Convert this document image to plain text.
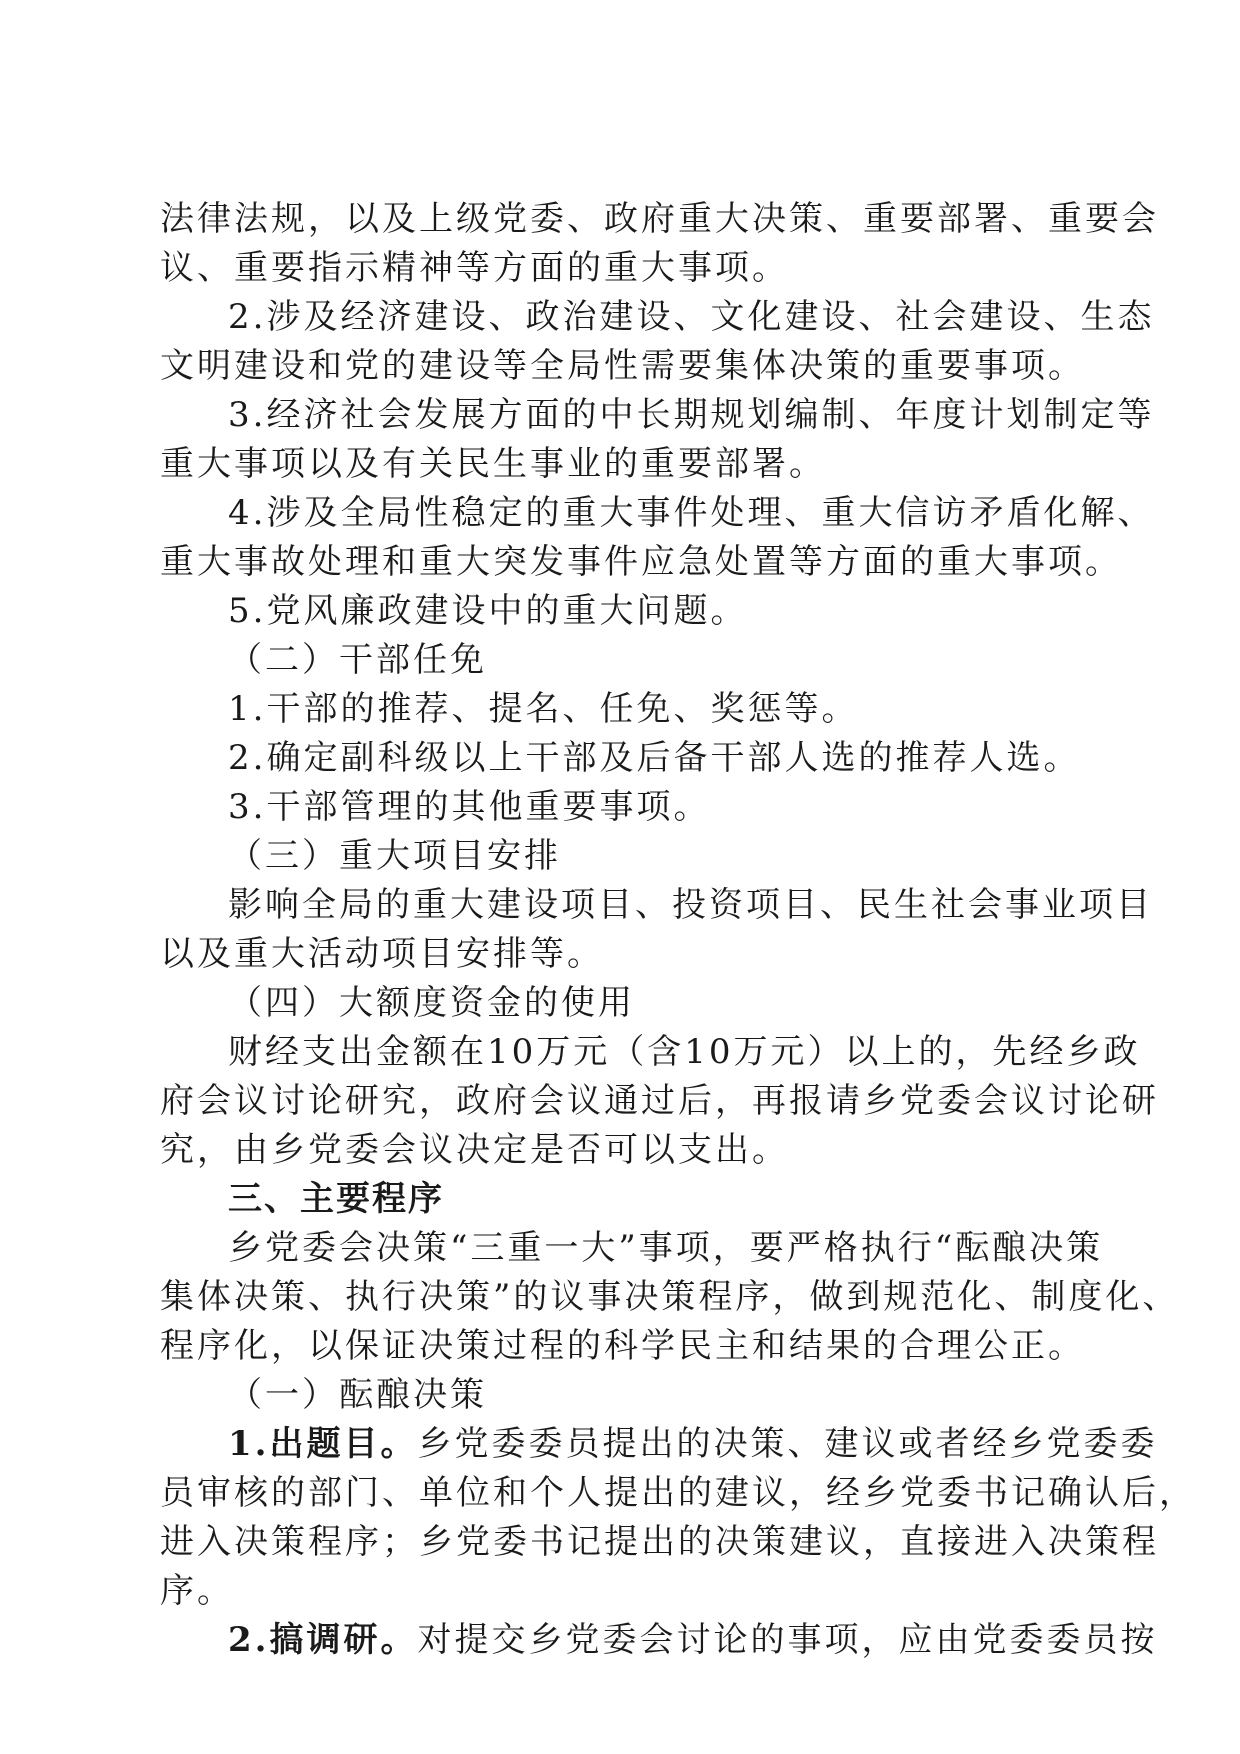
法律法规，以及上级党委、政府重大决策、重要部署、重要会
议、重要指示精神等方面的重大事项。
2.涉及经济建设、政治建设、文化建设、社会建设、生态
文明建设和党的建设等全局性需要集体决策的重要事项。
3.经济社会发展方面的中长期规划编制、年度计划制定等
重大事项以及有关民生事业的重要部署。
4.涉及全局性稳定的重大事件处理、重大信访矛盾化解、
重大事故处理和重大突发事件应急处置等方面的重大事项。
5.党风廉政建设中的重大问题。
（二）干部任免
1.干部的推荐、提名、任免、奖惩等。
2.确定副科级以上干部及后备干部人选的推荐人选。
3.干部管理的其他重要事项。
（三）重大项目安排
影响全局的重大建设项目、投资项目、民生社会事业项目
以及重大活动项目安排等。
（四）大额度资金的使用
财经支出金额在10万元（含10万元）以上的，先经乡政
府会议讨论研究，政府会议通过后，再报请乡党委会议讨论研
究，由乡党委会议决定是否可以支出。
三、主要程序
乡党委会决策“三重一大”事项，要严格执行“酝酿决策
集体决策、执行决策”的议事决策程序，做到规范化、制度化、
程序化，以保证决策过程的科学民主和结果的合理公正。
（一）酝酿决策
1.出题目。乡党委委员提出的决策、建议或者经乡党委委
员审核的部门、单位和个人提出的建议，经乡党委书记确认后，
进入决策程序；乡党委书记提出的决策建议，直接进入决策程
序。
2.搞调研。对提交乡党委会讨论的事项，应由党委委员按
